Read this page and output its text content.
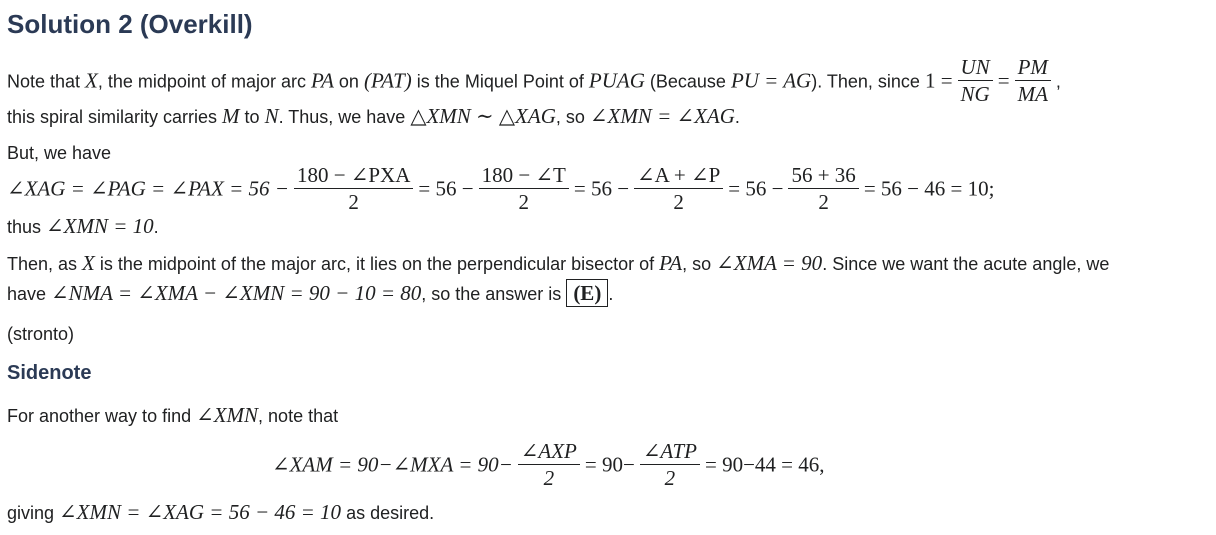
Solution 2 (Overkill)
Note that X, the midpoint of major arc PA on (PAT) is the Miquel Point of PUAG (Because PU = AG). Then, since $1 = \frac{UN}{NG} = \frac{PM}{MA}$ ,
this spiral similarity carries M to N. Thus, we have △XMN ∼ △XAG, so ∠XMN = ∠XAG.
But, we have
∠XAG = ∠PAG = ∠PAX = $56 - \frac{\text{180 − ∠PXA}}{2} = 56 - \frac{180 - \angle T}{2} = 56 - \frac{\angle A + \angle P}{2} = 56 - \frac{56 + 36}{2} = 56 - 46 = 10$;
thus ∠XMN = 10.
Then, as X is the midpoint of the major arc, it lies on the perpendicular bisector of PA, so ∠XMA = 90. Since we want the acute angle, we
have ∠NMA = ∠XMA − ∠XMN = 90 − 10 = 80, so the answer is (E) .
(stronto)
Sidenote
For another way to find ∠XMN, note that
∠XAM = 90−∠MXA = $90- \frac{\text{∠AXP}}{2} = 90- \frac{\text{∠ATP}}{2} = 90-44 = 46$,
giving ∠XMN = ∠XAG = 56 − 46 = 10 as desired.
